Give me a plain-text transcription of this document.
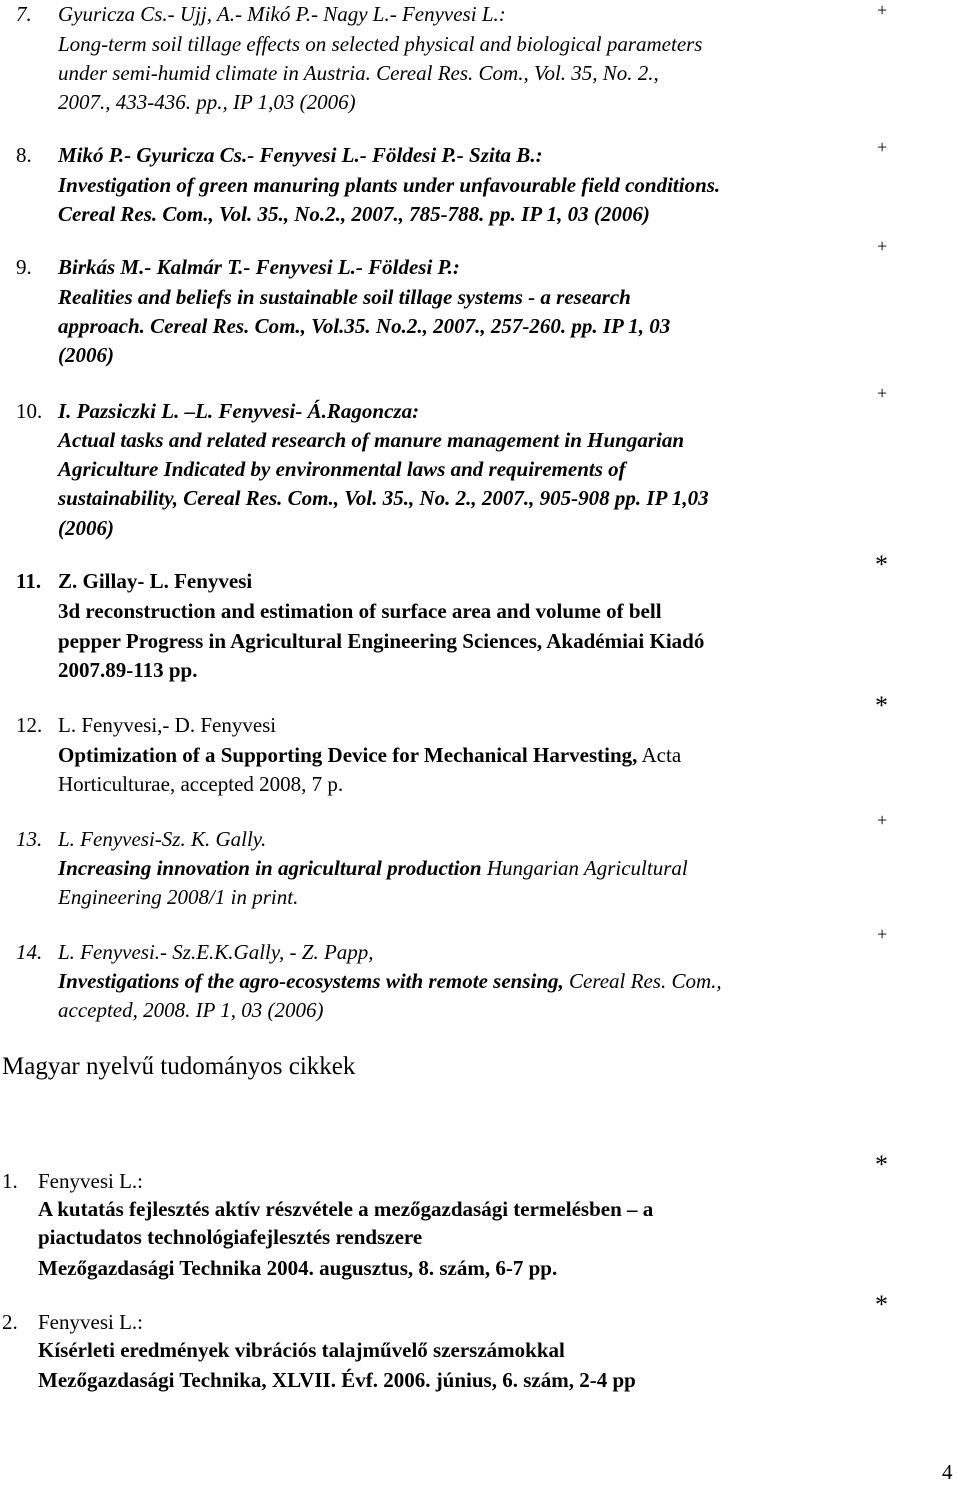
+
7. Gyuricza Cs.- Ujj, A.- Mikó P.- Nagy L.- Fenyvesi L.:
Long-term soil tillage effects on selected physical and biological parameters
under semi-humid climate in Austria. Cereal Res. Com., Vol. 35, No. 2.,
2007., 433-436. pp., IP 1,03 (2006)
+
8. Mikó P.- Gyuricza Cs.- Fenyvesi L.- Földesi P.- Szita B.:
Investigation of green manuring plants under unfavourable field conditions.
Cereal Res. Com., Vol. 35., No.2., 2007., 785-788. pp. IP 1, 03 (2006)
+
9. Birkás M.- Kalmár T.- Fenyvesi L.- Földesi P.:
Realities and beliefs in sustainable soil tillage systems - a research
approach. Cereal Res. Com., Vol.35. No.2., 2007., 257-260. pp. IP 1, 03
(2006)
+
10. I. Pazsiczki L. –L. Fenyvesi- Á.Ragoncza:
Actual tasks and related research of manure management in Hungarian
Agriculture Indicated by environmental laws and requirements of
sustainability, Cereal Res. Com., Vol. 35., No. 2., 2007., 905-908 pp. IP 1,03
(2006)
*
11. Z. Gillay- L. Fenyvesi
3d reconstruction and estimation of surface area and volume of bell
pepper Progress in Agricultural Engineering Sciences, Akadémiai Kiadó
2007.89-113 pp.
*
12. L. Fenyvesi,- D. Fenyvesi
Optimization of a Supporting Device for Mechanical Harvesting, Acta
Horticulturae, accepted 2008, 7 p.
+
13. L. Fenyvesi-Sz. K. Gally.
Increasing innovation in agricultural production Hungarian Agricultural
Engineering 2008/1 in print.
+
14. L. Fenyvesi.- Sz.E.K.Gally, - Z. Papp,
Investigations of the agro-ecosystems with remote sensing, Cereal Res. Com.,
accepted, 2008. IP 1, 03 (2006)
Magyar nyelvű tudományos cikkek
*
1. Fenyvesi L.:
A kutatás fejlesztés aktív részvétele a mezőgazdasági termelésben – a
piactudatos technológiafejlesztés rendszere
Mezőgazdasági Technika 2004. augusztus, 8. szám, 6-7 pp.
*
2. Fenyvesi L.:
Kísérleti eredmények vibrációs talajművelő szerszámokkal
Mezőgazdasági Technika, XLVII. Évf. 2006. június, 6. szám, 2-4 pp
4
